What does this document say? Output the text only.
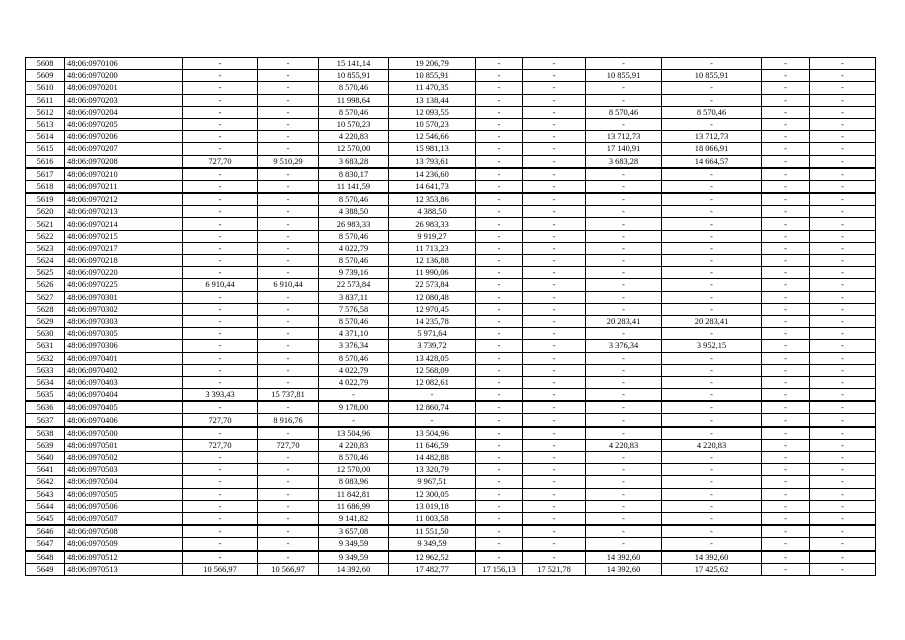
5608	48:06:0970106	-	-	15 141,14	19 206,79	-	-	-	-	-	-
5609	48:06:0970200	-	-	10 855,91	10 855,91	-	-	10 855,91	10 855,91	-	-
5610	48:06:0970201	-	-	8 570,46	11 470,35	-	-	-	-	-	-
5611	48:06:0970203	-	-	11 998,64	13 138,44	-	-	-	-	-	-
5612	48:06:0970204	-	-	8 570,46	12 093,55	-	-	8 570,46	8 570,46	-	-
5613	48:06:0970205	-	-	10 570,23	10 570,23	-	-	-	-	-	-
5614	48:06:0970206	-	-	4 220,83	12 546,66	-	-	13 712,73	13 712,73	-	-
5615	48:06:0970207	-	-	12 570,00	15 981,13	-	-	17 140,91	18 066,91	-	-
5616	48:06:0970208	727,70	9 510,29	3 683,28	13 793,61	-	-	3 683,28	14 664,57	-	-
5617	48:06:0970210	-	-	8 830,17	14 236,60	-	-	-	-	-	-
5618	48:06:0970211	-	-	11 141,59	14 641,73	-	-	-	-	-	-
5619	48:06:0970212	-	-	8 570,46	12 353,86	-	-	-	-	-	-
5620	48:06:0970213	-	-	4 388,50	4 388,50	-	-	-	-	-	-
5621	48:06:0970214	-	-	26 983,33	26 983,33	-	-	-	-	-	-
5622	48:06:0970215	-	-	8 570,46	9 919,27	-	-	-	-	-	-
5623	48:06:0970217	-	-	4 022,79	11 713,23	-	-	-	-	-	-
5624	48:06:0970218	-	-	8 570,46	12 136,88	-	-	-	-	-	-
5625	48:06:0970220	-	-	9 739,16	11 990,06	-	-	-	-	-	-
5626	48:06:0970225	6 910,44	6 910,44	22 573,84	22 573,84	-	-	-	-	-	-
5627	48:06:0970301	-	-	3 837,11	12 080,48	-	-	-	-	-	-
5628	48:06:0970302	-	-	7 576,58	12 970,45	-	-	-	-	-	-
5629	48:06:0970303	-	-	8 570,46	14 235,78	-	-	20 283,41	20 283,41	-	-
5630	48:06:0970305	-	-	4 371,10	5 971,64	-	-	-	-	-	-
5631	48:06:0970306	-	-	3 376,34	3 739,72	-	-	3 376,34	3 952,15	-	-
5632	48:06:0970401	-	-	8 570,46	13 428,05	-	-	-	-	-	-
5633	48:06:0970402	-	-	4 022,79	12 568,09	-	-	-	-	-	-
5634	48:06:0970403	-	-	4 022,79	12 082,61	-	-	-	-	-	-
5635	48:06:0970404	3 393,43	15 737,81	-	-	-	-	-	-	-	-
5636	48:06:0970405	-	-	9 178,00	12 860,74	-	-	-	-	-	-
5637	48:06:0970406	727,70	8 916,76	-	-	-	-	-	-	-	-
5638	48:06:0970500	-	-	13 504,96	13 504,96	-	-	-	-	-	-
5639	48:06:0970501	727,70	727,70	4 220,83	11 646,59	-	-	4 220,83	4 220,83	-	-
5640	48:06:0970502	-	-	8 570,46	14 482,88	-	-	-	-	-	-
5641	48:06:0970503	-	-	12 570,00	13 320,79	-	-	-	-	-	-
5642	48:06:0970504	-	-	8 083,96	9 967,51	-	-	-	-	-	-
5643	48:06:0970505	-	-	11 842,81	12 300,05	-	-	-	-	-	-
5644	48:06:0970506	-	-	11 686,99	13 019,18	-	-	-	-	-	-
5645	48:06:0970507	-	-	9 141,82	11 003,58	-	-	-	-	-	-
5646	48:06:0970508	-	-	3 657,08	11 551,50	-	-	-	-	-	-
5647	48:06:0970509	-	-	9 349,59	9 349,59	-	-	-	-	-	-
5648	48:06:0970512	-	-	9 349,59	12 962,52	-	-	14 392,60	14 392,60	-	-
5649	48:06:0970513	10 566,97	10 566,97	14 392,60	17 482,77	17 156,13	17 521,78	14 392,60	17 425,62	-	-
